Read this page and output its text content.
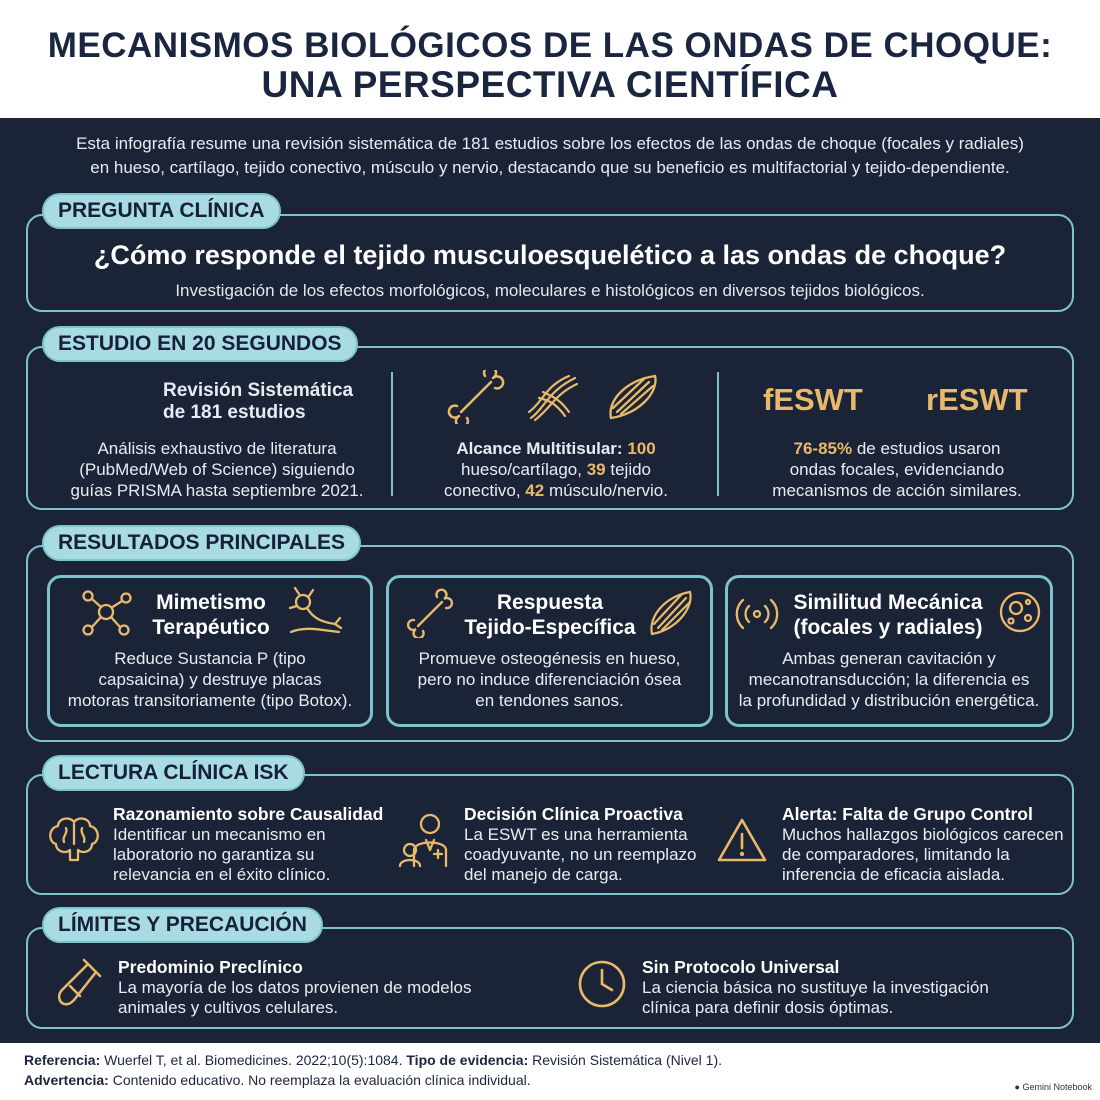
MECANISMOS BIOLÓGICOS DE LAS ONDAS DE CHOQUE:
UNA PERSPECTIVA CIENTÍFICA
Esta infografía resume una revisión sistemática de 181 estudios sobre los efectos de las ondas de choque (focales y radiales)
en hueso, cartílago, tejido conectivo, músculo y nervio, destacando que su beneficio es multifactorial y tejido-dependiente.
PREGUNTA CLÍNICA
¿Cómo responde el tejido musculoesquelético a las ondas de choque?
Investigación de los efectos morfológicos, moleculares e histológicos en diversos tejidos biológicos.
ESTUDIO EN 20 SEGUNDOS
Revisión Sistemática
de 181 estudios
Análisis exhaustivo de literatura
(PubMed/Web of Science) siguiendo
guías PRISMA hasta septiembre 2021.
Alcance Multitisular: 100
hueso/cartílago, 39 tejido
conectivo, 42 músculo/nervio.
fESWT rESWT
76-85% de estudios usaron
ondas focales, evidenciando
mecanismos de acción similares.
RESULTADOS PRINCIPALES
Mimetismo
Terapéutico
Reduce Sustancia P (tipo
capsaicina) y destruye placas
motoras transitoriamente (tipo Botox).
Respuesta
Tejido-Específica
Promueve osteogénesis en hueso,
pero no induce diferenciación ósea
en tendones sanos.
Similitud Mecánica
(focales y radiales)
Ambas generan cavitación y
mecanotransducción; la diferencia es
la profundidad y distribución energética.
LECTURA CLÍNICA ISK
Razonamiento sobre Causalidad
Identificar un mecanismo en
laboratorio no garantiza su
relevancia en el éxito clínico.
Decisión Clínica Proactiva
La ESWT es una herramienta
coadyuvante, no un reemplazo
del manejo de carga.
Alerta: Falta de Grupo Control
Muchos hallazgos biológicos carecen
de comparadores, limitando la
inferencia de eficacia aislada.
LÍMITES Y PRECAUCIÓN
Predominio Preclínico
La mayoría de los datos provienen de modelos
animales y cultivos celulares.
Sin Protocolo Universal
La ciencia básica no sustituye la investigación
clínica para definir dosis óptimas.
Referencia: Wuerfel T, et al. Biomedicines. 2022;10(5):1084. Tipo de evidencia: Revisión Sistemática (Nivel 1).
Advertencia: Contenido educativo. No reemplaza la evaluación clínica individual.	● Gemini Notebook
